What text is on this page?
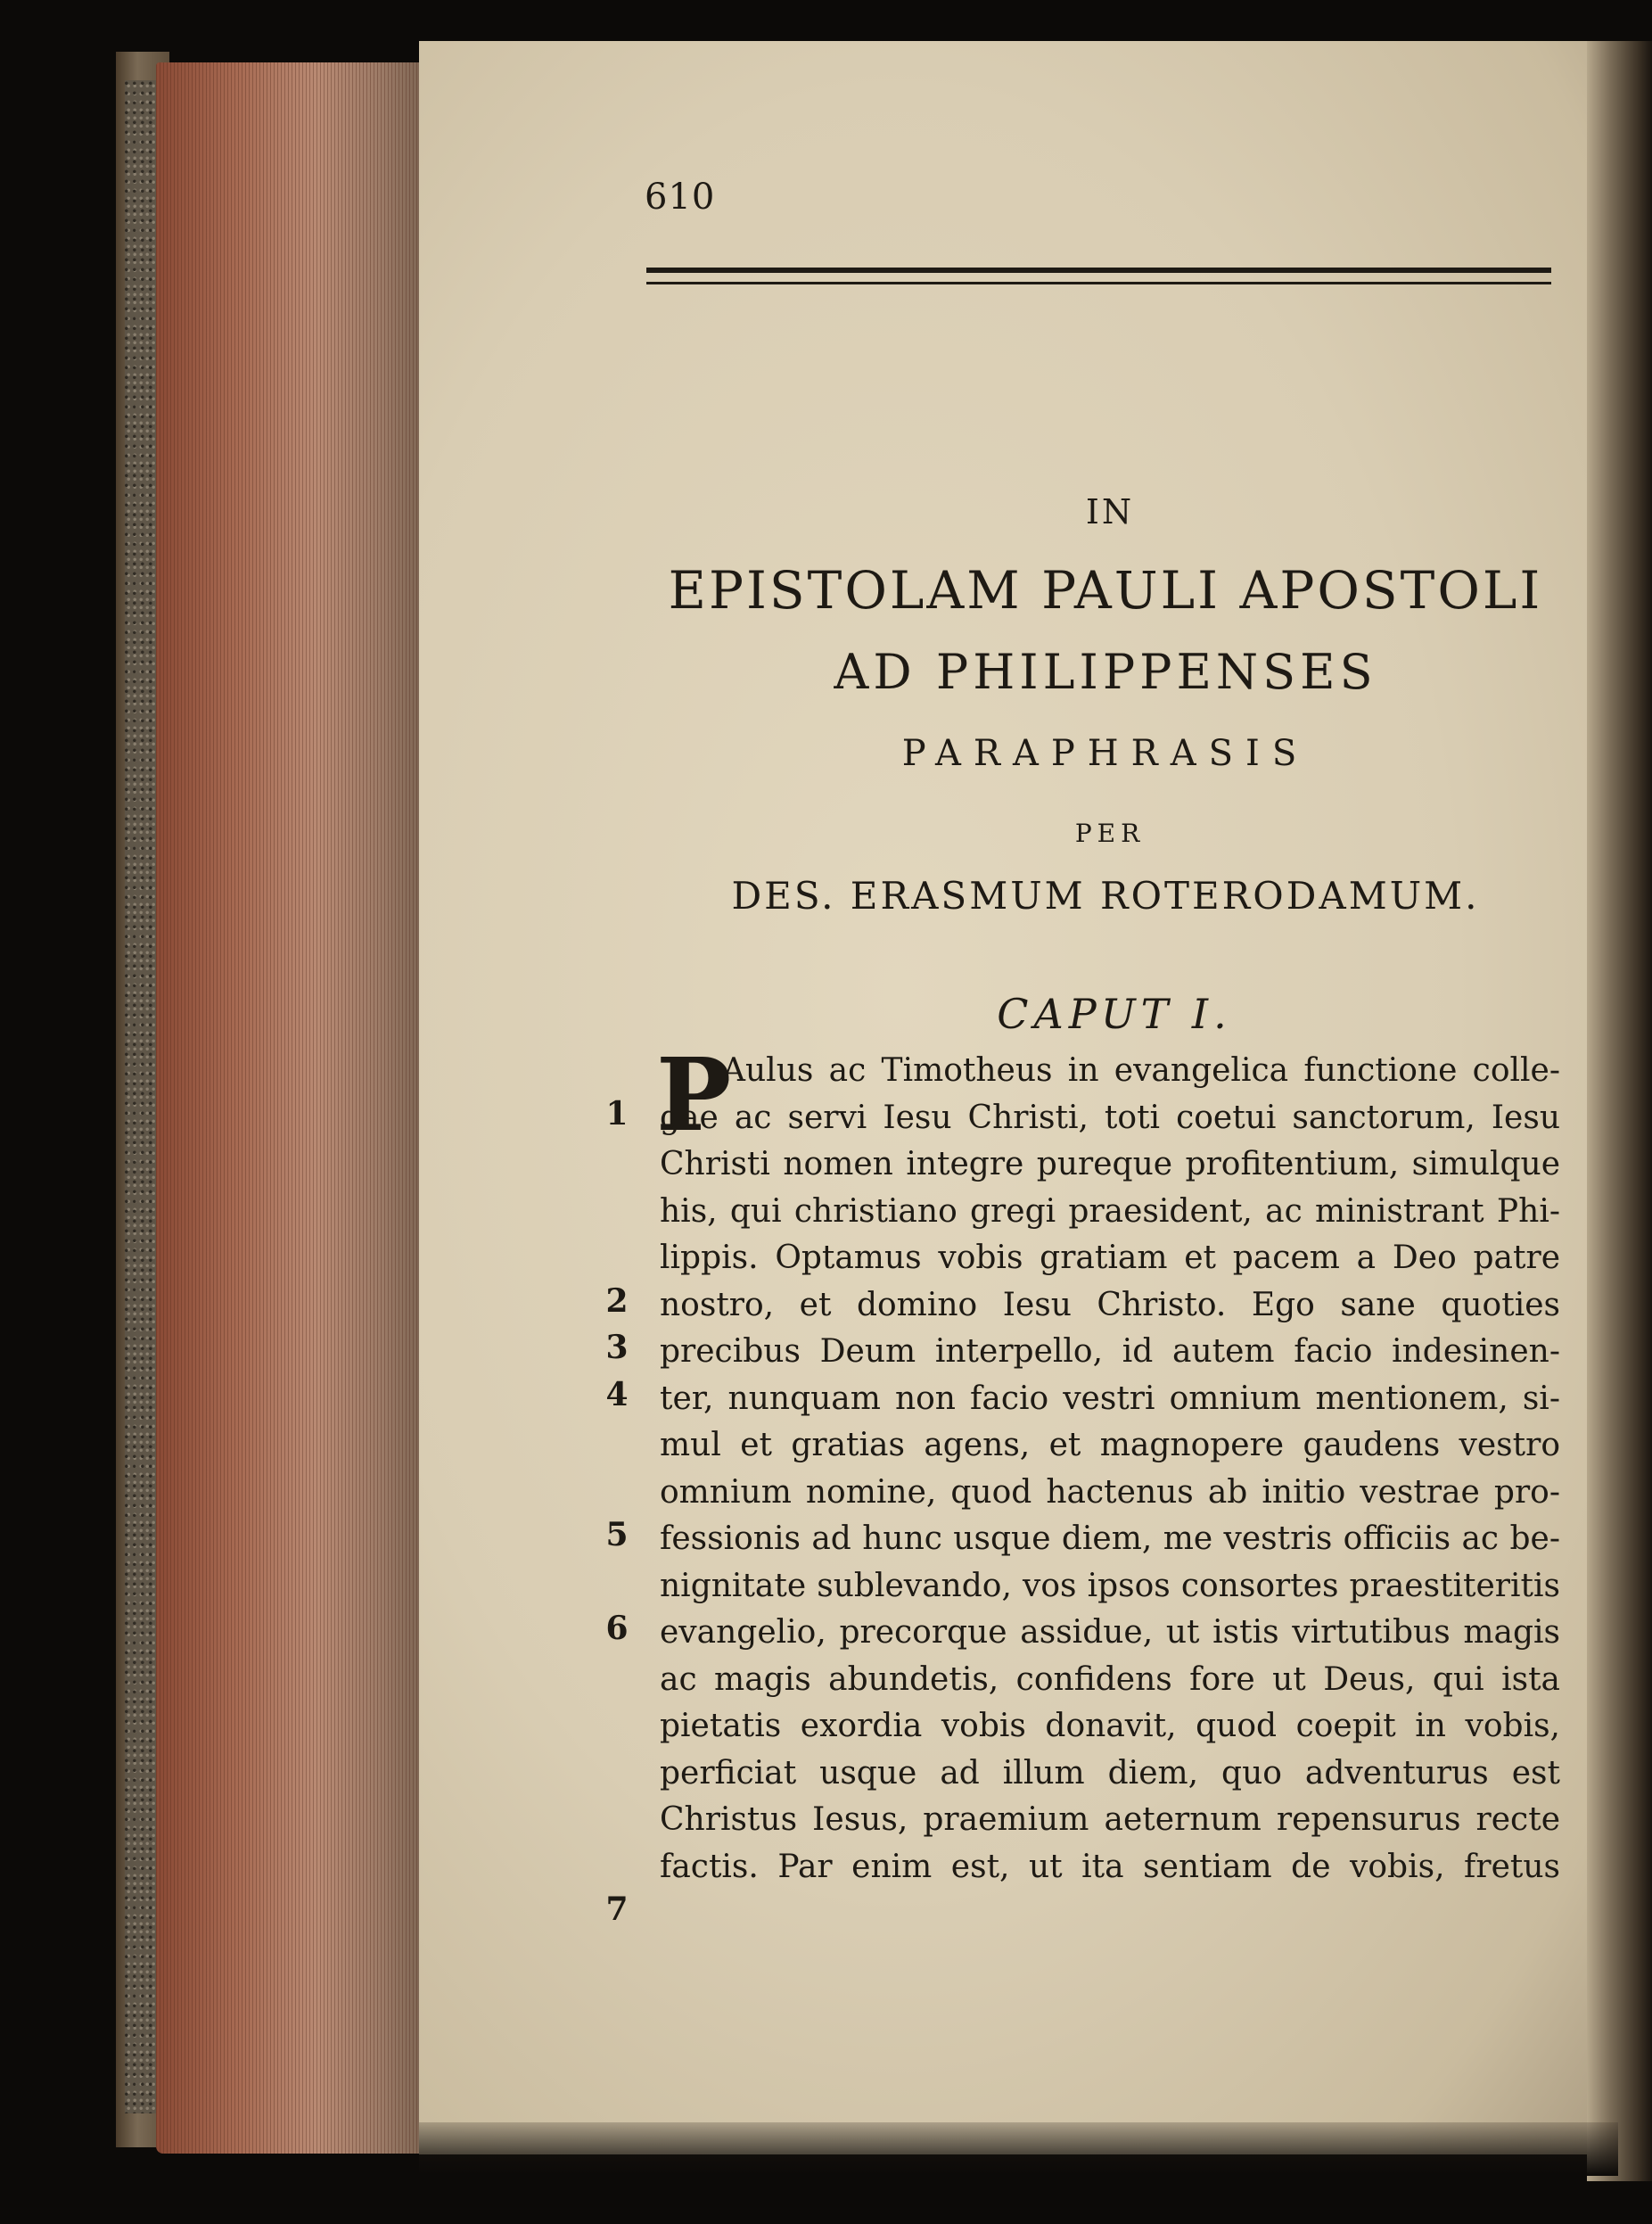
610
IN
EPISTOLAM PAULI APOSTOLI
AD PHILIPPENSES
PARAPHRASIS
PER
DES. ERASMUM ROTERODAMUM.
CAPUT I.
P
1
2
3
4
5
6
7
Aulus ac Timotheus in evangelica functione colle-
gae ac servi Iesu Christi, toti coetui sanctorum, Iesu
Christi nomen integre pureque profitentium, simulque
his, qui christiano gregi praesident, ac ministrant Phi-
lippis. Optamus vobis gratiam et pacem a Deo patre
nostro, et domino Iesu Christo. Ego sane quoties
precibus Deum interpello, id autem facio indesinen-
ter, nunquam non facio vestri omnium mentionem, si-
mul et gratias agens, et magnopere gaudens vestro
omnium nomine, quod hactenus ab initio vestrae pro-
fessionis ad hunc usque diem, me vestris officiis ac be-
nignitate sublevando, vos ipsos consortes praestiteritis
evangelio, precorque assidue, ut istis virtutibus magis
ac magis abundetis, confidens fore ut Deus, qui ista
pietatis exordia vobis donavit, quod coepit in vobis,
perficiat usque ad illum diem, quo adventurus est
Christus Iesus, praemium aeternum repensurus recte
factis. Par enim est, ut ita sentiam de vobis, fretus
